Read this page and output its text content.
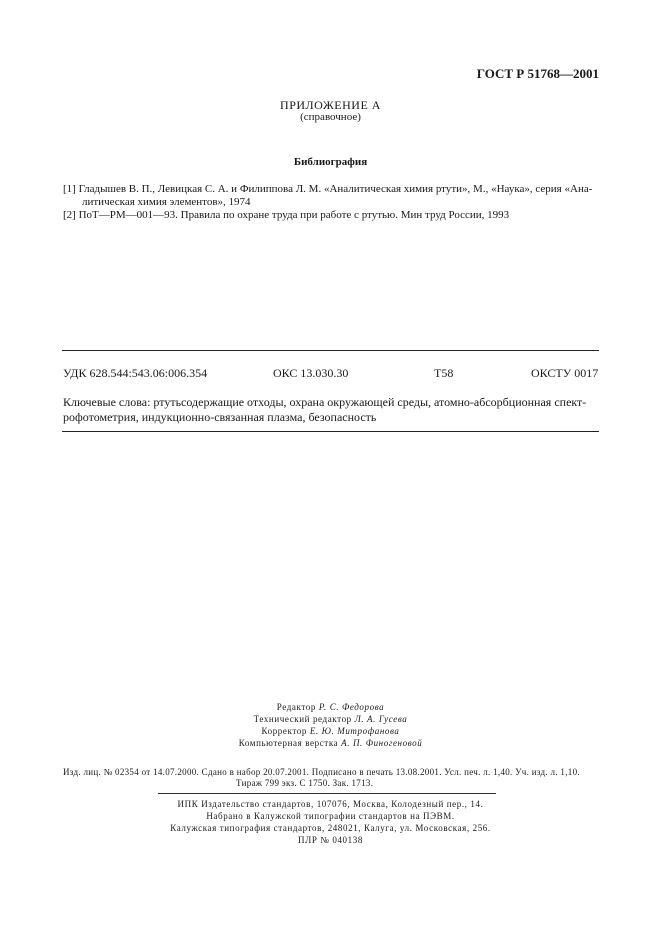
ГОСТ Р 51768—2001
ПРИЛОЖЕНИЕ А
(справочное)
Библиография
[1] Гладышев В. П., Левицкая С. А. и Филиппова Л. М. «Аналитическая химия ртути», М., «Наука», серия «Ана-
литическая химия элементов», 1974
[2] ПоТ—РМ—001—93. Правила по охране труда при работе с ртутью. Мин труд России, 1993
УДК 628.544:543.06:006.354	ОКС 13.030.30	Т58	ОКСТУ 0017
Ключевые слова: ртутьсодержащие отходы, охрана окружающей среды, атомно-абсорбционная спект-рофотометрия, индукционно-связанная плазма, безопасность
Редактор Р. С. Федорова
Технический редактор Л. А. Гусева
Корректор Е. Ю. Митрофанова
Компьютерная верстка А. П. Финогеновой
Изд. лиц. № 02354 от 14.07.2000. Сдано в набор 20.07.2001. Подписано в печать 13.08.2001. Усл. печ. л. 1,40. Уч. изд. л. 1,10.
Тираж 799 экз. С 1750. Зак. 1713.
ИПК Издательство стандартов, 107076, Москва, Колодезный пер., 14.
Набрано в Калужской типографии стандартов на ПЭВМ.
Калужская типография стандартов, 248021, Калуга, ул. Московская, 256.
ПЛР № 040138
